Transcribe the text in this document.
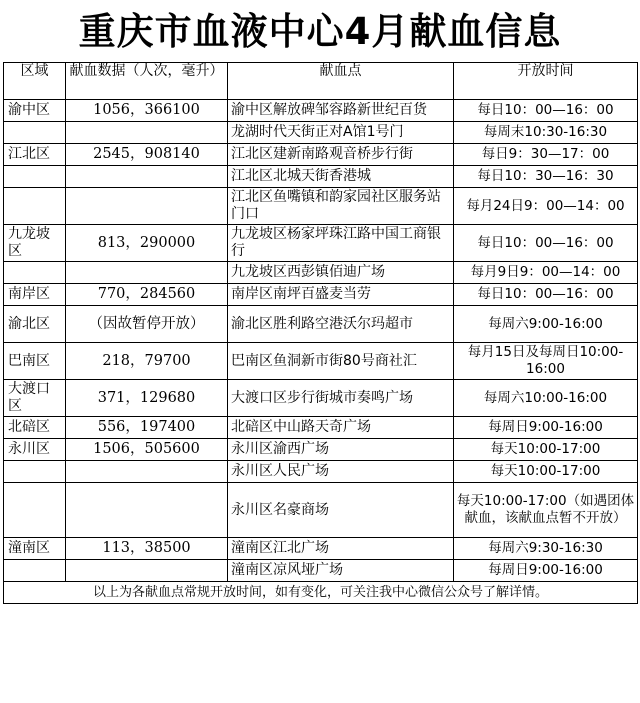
重庆市血液中心4月献血信息
区域	献血数据（人次，毫升）	献血点	开放时间
渝中区	1056，366100	渝中区解放碑邹容路新世纪百货	每日10：00—16：00
		龙湖时代天街正对A馆1号门	每周末10:30-16:30
江北区	2545，908140	江北区建新南路观音桥步行街	每日9：30—17：00
		江北区北城天街香港城	每日10：30—16：30
		江北区鱼嘴镇和韵家园社区服务站门口	每月24日9：00—14：00
九龙坡区	813，290000	九龙坡区杨家坪珠江路中国工商银行	每日10：00—16：00
		九龙坡区西彭镇佰迪广场	每月9日9：00—14：00
南岸区	770，284560	南岸区南坪百盛麦当劳	每日10：00—16：00
渝北区	（因故暂停开放）	渝北区胜利路空港沃尔玛超市	每周六9:00-16:00
巴南区	218，79700	巴南区鱼洞新市街80号商社汇	每月15日及每周日10:00-16:00
大渡口区	371，129680	大渡口区步行街城市奏鸣广场	每周六10:00-16:00
北碚区	556，197400	北碚区中山路天奇广场	每周日9:00-16:00
永川区	1506，505600	永川区渝西广场	每天10:00-17:00
		永川区人民广场	每天10:00-17:00
		永川区名豪商场	每天10:00-17:00（如遇团体献血，该献血点暂不开放）
潼南区	113，38500	潼南区江北广场	每周六9:30-16:30
		潼南区凉风垭广场	每周日9:00-16:00
以上为各献血点常规开放时间，如有变化，可关注我中心微信公众号了解详情。			
